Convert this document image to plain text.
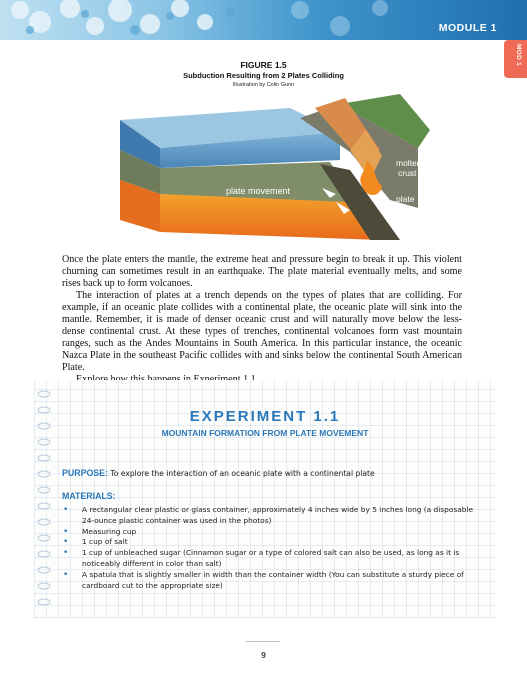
MODULE 1
MOD 1
FIGURE 1.5
Subduction Resulting from 2 Plates Colliding
Illustration by Colin Gunn
plate movement
molten
crust
plate
movement

Once the plate enters the mantle, the extreme heat and pressure begin to break it up. This violent churning can sometimes result in an earthquake. The plate material eventually melts, and some rises back up to form volcanoes.

The interaction of plates at a trench depends on the types of plates that are colliding. For example, if an oceanic plate collides with a continental plate, the oceanic plate will sink into the mantle. Remember, it is made of denser oceanic crust and will naturally move below the less-dense continental crust. At these types of trenches, continental volcanoes form vast mountain ranges, such as the Andes Mountains in South America. In this particular instance, the oceanic Nazca Plate in the southeast Pacific collides with and sinks below the continental South American Plate.

EXPERIMENT 1.1
MOUNTAIN FORMATION FROM PLATE MOVEMENT
PURPOSE: To explore the interaction of an oceanic plate with a continental plate
MATERIALS:
• A rectangular clear plastic or glass container, approximately 4 inches wide by 5 inches long (a disposable 24-ounce plastic container was used in the photos)
• Measuring cup
• 1 cup of salt
• 1 cup of unbleached sugar (Cinnamon sugar or a type of colored salt can also be used, as long as it is noticeably different in color than salt)
• A spatula that is slightly smaller in width than the container width (You can substitute a sturdy piece of cardboard cut to the appropriate size)
9
